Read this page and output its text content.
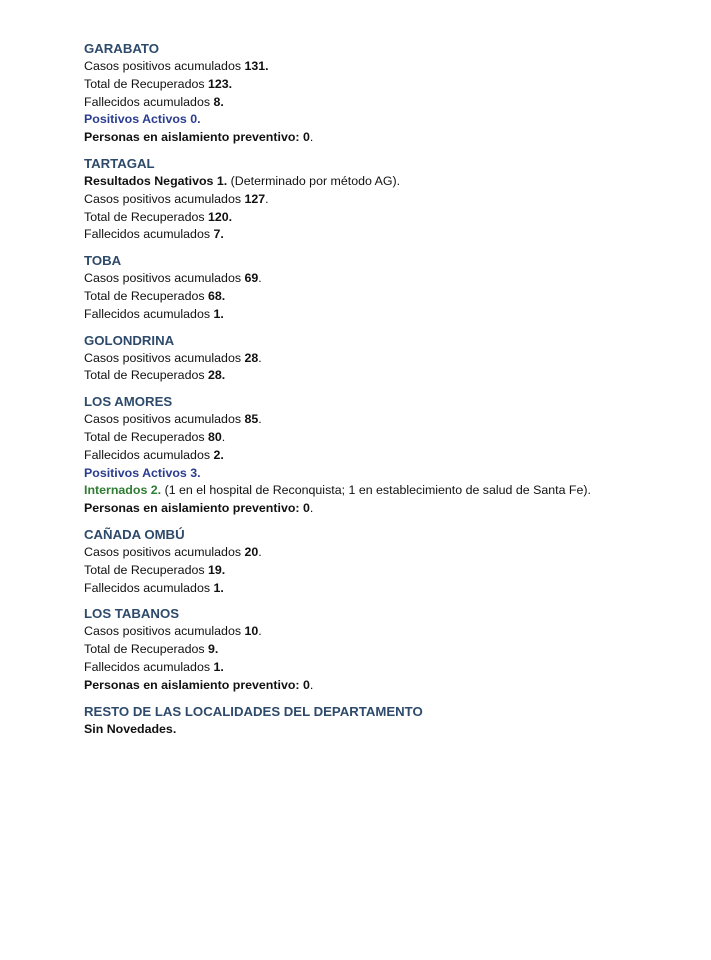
GARABATO
Casos positivos acumulados 131.
Total de Recuperados 123.
Fallecidos acumulados 8.
Positivos Activos 0.
Personas en aislamiento preventivo: 0.
TARTAGAL
Resultados Negativos 1. (Determinado por método AG).
Casos positivos acumulados 127.
Total de Recuperados 120.
Fallecidos acumulados 7.
TOBA
Casos positivos acumulados 69.
Total de Recuperados 68.
Fallecidos acumulados 1.
GOLONDRINA
Casos positivos acumulados 28.
Total de Recuperados 28.
LOS AMORES
Casos positivos acumulados 85.
Total de Recuperados 80.
Fallecidos acumulados 2.
Positivos Activos 3.
Internados 2. (1 en el hospital de Reconquista; 1 en establecimiento de salud de Santa Fe).
Personas en aislamiento preventivo: 0.
CAÑADA OMBÚ
Casos positivos acumulados 20.
Total de Recuperados 19.
Fallecidos acumulados 1.
LOS TABANOS
Casos positivos acumulados 10.
Total de Recuperados 9.
Fallecidos acumulados 1.
Personas en aislamiento preventivo: 0.
RESTO DE LAS LOCALIDADES DEL DEPARTAMENTO
Sin Novedades.
